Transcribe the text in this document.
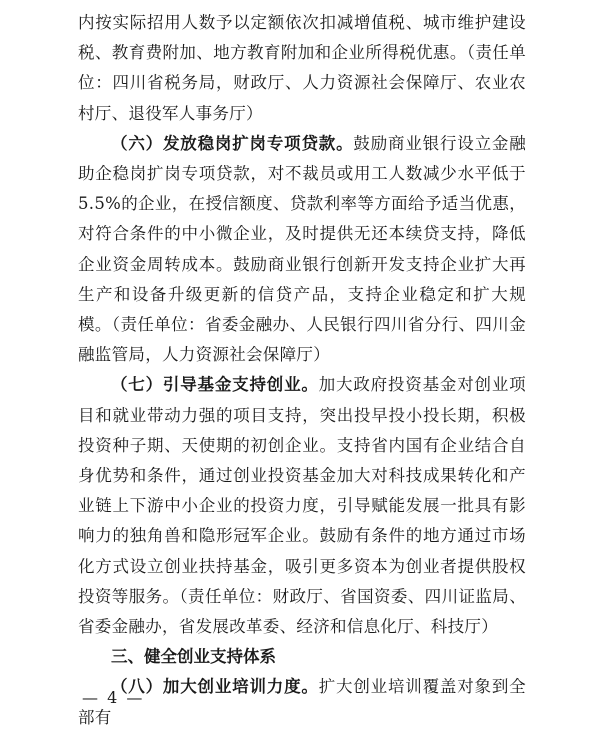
内按实际招用人数予以定额依次扣减增值税、城市维护建设税、教育费附加、地方教育附加和企业所得税优惠。（责任单位：四川省税务局，财政厅、人力资源社会保障厅、农业农村厅、退役军人事务厅）

（六）发放稳岗扩岗专项贷款。鼓励商业银行设立金融助企稳岗扩岗专项贷款，对不裁员或用工人数减少水平低于5.5%的企业，在授信额度、贷款利率等方面给予适当优惠，对符合条件的中小微企业，及时提供无还本续贷支持，降低企业资金周转成本。鼓励商业银行创新开发支持企业扩大再生产和设备升级更新的信贷产品，支持企业稳定和扩大规模。（责任单位：省委金融办、人民银行四川省分行、四川金融监管局，人力资源社会保障厅）

（七）引导基金支持创业。加大政府投资基金对创业项目和就业带动力强的项目支持，突出投早投小投长期，积极投资种子期、天使期的初创企业。支持省内国有企业结合自身优势和条件，通过创业投资基金加大对科技成果转化和产业链上下游中小企业的投资力度，引导赋能发展一批具有影响力的独角兽和隐形冠军企业。鼓励有条件的地方通过市场化方式设立创业扶持基金，吸引更多资本为创业者提供股权投资等服务。（责任单位：财政厅、省国资委、四川证监局、省委金融办，省发展改革委、经济和信息化厅、科技厅）

三、健全创业支持体系

（八）加大创业培训力度。扩大创业培训覆盖对象到全部有

— 4 —
